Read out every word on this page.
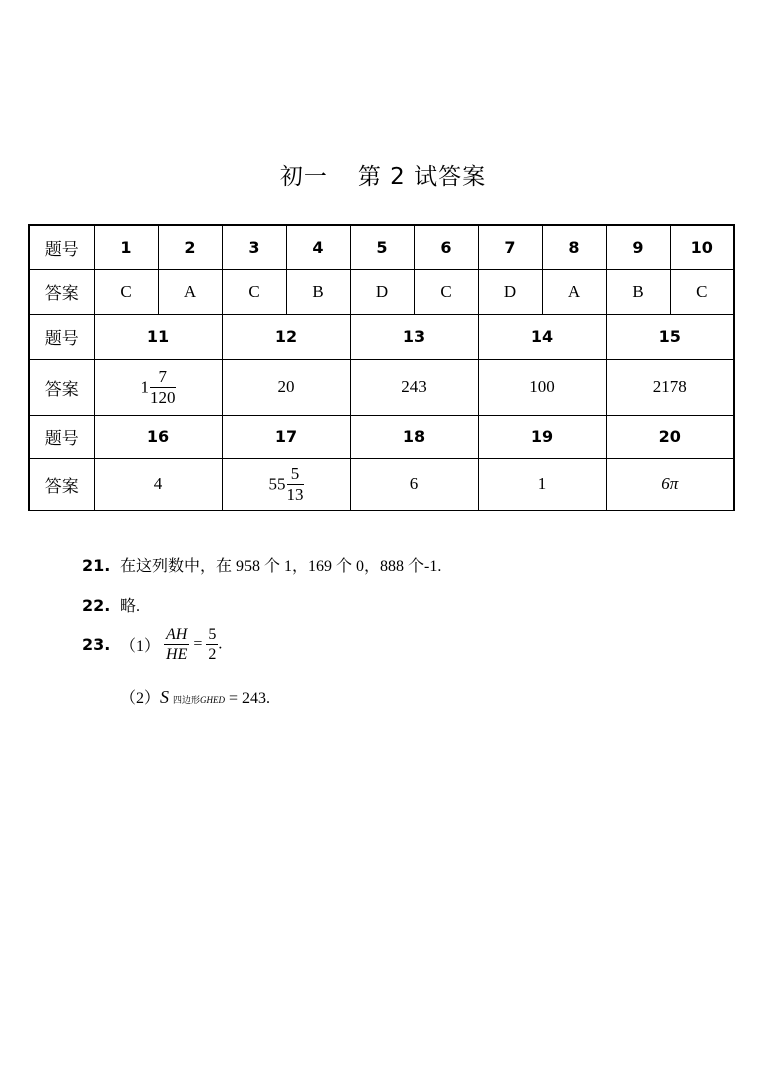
初一 第 2 试答案
题号	1	2	3	4	5	6	7	8	9	10
答案	C	A	C	B	D	C	D	A	B	C
题号	11		12		13		14		15	
答案	$1 \frac{7}{120}$		20		243		100		2178	
题号	16		17		18		19		20	
答案	4		$55 \frac{5}{13}$		6		1		6π	
21. 在这列数中，在 958 个 1，169 个 0，888 个-1.
22. 略.
23. $(1) \frac{AH}{HE} = \frac{5}{2}$ .
（2）S 四边形GHED = 243.
